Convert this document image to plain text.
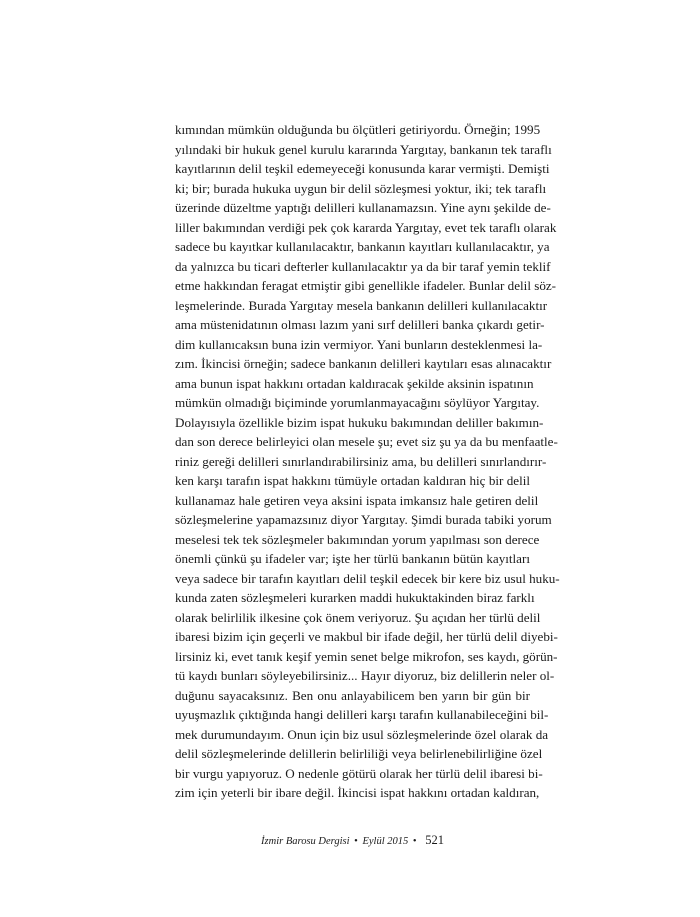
kımından mümkün olduğunda bu ölçütleri getiriyordu. Örneğin; 1995
yılındaki bir hukuk genel kurulu kararında Yargıtay, bankanın tek taraflı
kayıtlarının delil teşkil edemeyeceği konusunda karar vermişti. Demişti
ki; bir; burada hukuka uygun bir delil sözleşmesi yoktur, iki; tek taraflı
üzerinde düzeltme yaptığı delilleri kullanamazsın. Yine aynı şekilde de-
liller bakımından verdiği pek çok kararda Yargıtay, evet tek taraflı olarak
sadece bu kayıtkar kullanılacaktır, bankanın kayıtları kullanılacaktır, ya
da yalnızca bu ticari defterler kullanılacaktır ya da bir taraf yemin teklif
etme hakkından feragat etmiştir gibi genellikle ifadeler. Bunlar delil söz-
leşmelerinde. Burada Yargıtay mesela bankanın delilleri kullanılacaktır
ama müstenidatının olması lazım yani sırf delilleri banka çıkardı getir-
dim kullanıcaksın buna izin vermiyor. Yani bunların desteklenmesi la-
zım. İkincisi örneğin; sadece bankanın delilleri kaytıları esas alınacaktır
ama bunun ispat hakkını ortadan kaldıracak şekilde aksinin ispatının
mümkün olmadığı biçiminde yorumlanmayacağını söylüyor Yargıtay.
Dolayısıyla özellikle bizim ispat hukuku bakımından deliller bakımın-
dan son derece belirleyici olan mesele şu; evet siz şu ya da bu menfaatle-
riniz gereği delilleri sınırlandırabilirsiniz ama, bu delilleri sınırlandırır-
ken karşı tarafın ispat hakkını tümüyle ortadan kaldıran hiç bir delil
kullanamaz hale getiren veya aksini ispata imkansız hale getiren delil
sözleşmelerine yapamazsınız diyor Yargıtay. Şimdi burada tabiki yorum
meselesi tek tek sözleşmeler bakımından yorum yapılması son derece
önemli çünkü şu ifadeler var; işte her türlü bankanın bütün kayıtları
veya sadece bir tarafın kayıtları delil teşkil edecek bir kere biz usul huku-
kunda zaten sözleşmeleri kurarken maddi hukuktakinden biraz farklı
olarak belirlilik ilkesine çok önem veriyoruz. Şu açıdan her türlü delil
ibaresi bizim için geçerli ve makbul bir ifade değil, her türlü delil diyebi-
lirsiniz ki, evet tanık keşif yemin senet belge mikrofon, ses kaydı, görün-
tü kaydı bunları söyleyebilirsiniz... Hayır diyoruz, biz delillerin neler ol-
duğunu sayacaksınız. Ben onu anlayabilicem ben yarın bir gün bir
uyuşmazlık çıktığında hangi delilleri karşı tarafın kullanabileceğini bil-
mek durumundayım. Onun için biz usul sözleşmelerinde özel olarak da
delil sözleşmelerinde delillerin belirliliği veya belirlenebilirliğine özel
bir vurgu yapıyoruz. O nedenle götürü olarak her türlü delil ibaresi bi-
zim için yeterli bir ibare değil. İkincisi ispat hakkını ortadan kaldıran,
İzmir Barosu Dergisi • Eylül 2015 • 521
